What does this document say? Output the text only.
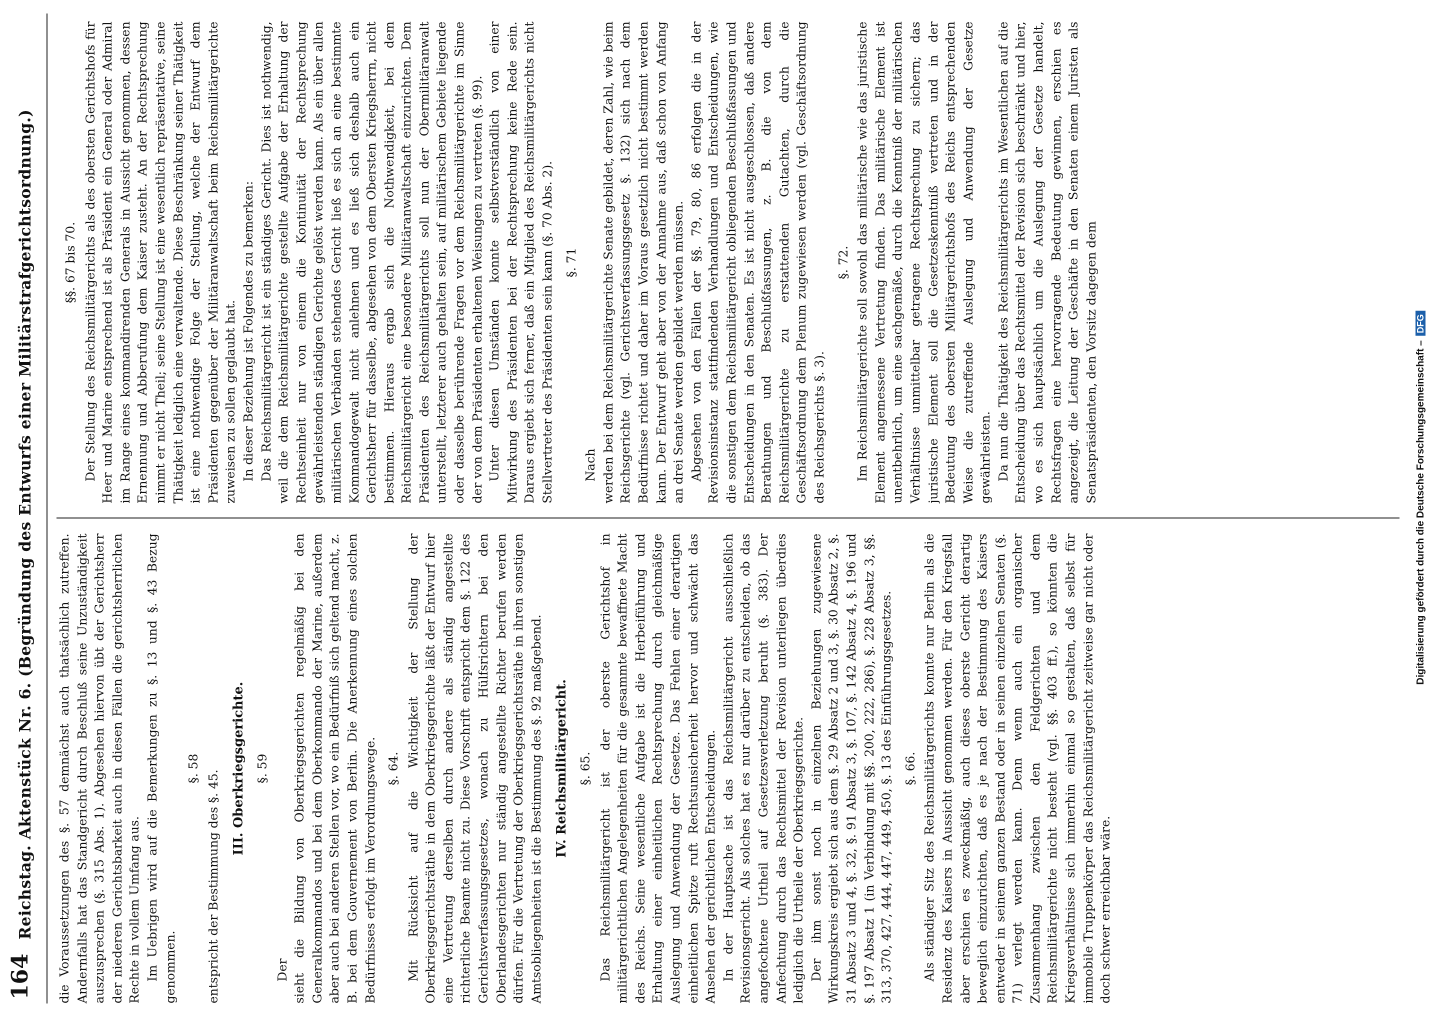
164
Reichstag. Aktenstück Nr. 6. (Begründung des Entwurfs einer Militärstrafgerichtsordnung.) die Voraussetzungen des §. 57 demnächst auch thatsächlich zutreffen. Andernfalls hat das Standgericht durch Beschluß seine Unzuständigkeit auszusprechen (§. 315 Abs. 1). Abgesehen hiervon übt der Gerichtsherr der niederen Gerichtsbarkeit auch in diesen Fällen die gerichtsherrlichen Rechte in vollem Umfang aus. Im Uebrigen wird auf die Bemerkungen zu §. 13 und §. 43 Bezug genommen.

§. 58

entspricht der Bestimmung des §. 45.

III. Oberkriegsgerichte. §. 59

Der sieht die Bildung von Oberkriegsgerichten regelmäßig bei den Generalkommandos und bei dem Oberkommando der Marine, außerdem aber auch bei anderen Stellen vor, wo ein Bedürfniß sich geltend macht, z. B. bei dem Gouvernement von Berlin. Die Anerkennung eines solchen Bedürfnisses erfolgt im Verordnungswege. §. 64. Mit Rücksicht auf die Wichtigkeit der Stellung der Oberkriegsgerichtsräthe in dem Oberkriegsgerichte läßt der Entwurf hier eine Vertretung derselben durch andere als ständig angestellte richterliche Beamte nicht zu. Diese Vorschrift entspricht dem §. 122 des Gerichtsverfassungsgesetzes, wonach zu Hülfsrichtern bei den Oberlandesgerichten nur ständig angestellte Richter berufen werden dürfen. Für die Vertretung der Oberkriegsgerichtsräthe in ihren sonstigen Amtsobliegenheiten ist die Bestimmung des §. 92 maßgebend. IV. Reichsmilitärgericht. §. 65. Das Reichsmilitärgericht ist der oberste Gerichtshof in militärgerichtlichen Angelegenheiten für die gesammte bewaffnete Macht des Reichs. Seine wesentliche Aufgabe ist die Herbeiführung und Erhaltung einer einheitlichen Rechtsprechung durch gleichmäßige Auslegung und Anwendung der Gesetze. Das Fehlen einer derartigen einheitlichen Spitze ruft Rechtsunsicherheit hervor und schwächt das Ansehen der gerichtlichen Entscheidungen. In der Hauptsache ist das Reichsmilitärgericht ausschließlich Revisionsgericht. Als solches hat es nur darüber zu entscheiden, ob das angefochtene Urtheil auf Gesetzesverletzung beruht (§. 383). Der Anfechtung durch das Rechtsmittel der Revision unterliegen überdies lediglich die Urtheile der Oberkriegsgerichte. Der ihm sonst noch in einzelnen Beziehungen zugewiesene Wirkungskreis ergiebt sich aus dem §. 29 Absatz 2 und 3, §. 30 Absatz 2, §. 31 Absatz 3 und 4, §. 32, §. 91 Absatz 3, §. 107, §. 142 Absatz 4, §. 196 und §. 197 Absatz 1 (in Verbindung mit §§. 200, 222, 286), §. 228 Absatz 3, §§. 313, 370, 427, 444, 447, 449, 450, §. 13 des Einführungsgesetzes. §. 66. Als ständiger Sitz des Reichsmilitärgerichts konnte nur Berlin als die Residenz des Kaisers in Aussicht genommen werden. Für den Kriegsfall aber erschien es zweckmäßig, auch dieses oberste Gericht derartig beweglich einzurichten, daß es je nach der Bestimmung des Kaisers entweder in seinem ganzen Bestand oder in seinen einzelnen Senaten (§. 71) verlegt werden kann. Denn wenn auch ein organischer Zusammenhang zwischen den Feldgerichten und dem Reichsmilitärgerichte nicht besteht (vgl. §§. 403 ff.), so könnten die Kriegsverhältnisse sich immerhin einmal so gestalten, daß selbst für immobile Truppenkörper das Reichsmilitärgericht zeitweise gar nicht oder doch schwer erreichbar wäre.

§§. 67 bis 70. Der Stellung des Reichsmilitärgerichts als des obersten Gerichtshofs für Heer und Marine entsprechend ist als Präsident ein General oder Admiral im Range eines kommandirenden Generals in Aussicht genommen, dessen Ernennung und Abberufung dem Kaiser zusteht. An der Rechtsprechung nimmt er nicht Theil; seine Stellung ist eine wesentlich repräsentative, seine Thätigkeit lediglich eine verwaltende. Diese Beschränkung seiner Thätigkeit ist eine nothwendige Folge der Stellung, welche der Entwurf dem Präsidenten gegenüber der Militäranwaltschaft beim Reichsmilitärgerichte zuweisen zu sollen geglaubt hat. In dieser Beziehung ist Folgendes zu bemerken: Das Reichsmilitärgericht ist ein ständiges Gericht. Dies ist nothwendig, weil die dem Reichsmilitärgerichte gestellte Aufgabe der Erhaltung der Rechtseinheit nur von einem die Kontinuität der Rechtsprechung gewährleistenden ständigen Gerichte gelöst werden kann. Als ein über allen militärischen Verbänden stehendes Gericht ließ es sich an eine bestimmte Kommandogewalt nicht anlehnen und es ließ sich deshalb auch ein Gerichtsherr für dasselbe, abgesehen von dem Obersten Kriegsherrn, nicht bestimmen. Hieraus ergab sich die Nothwendigkeit, bei dem Reichsmilitärgericht eine besondere Militäranwaltschaft einzurichten. Dem Präsidenten des Reichsmilitärgerichts soll nun der Obermilitäranwalt unterstellt, letzterer auch gehalten sein, auf militärischem Gebiete liegende oder dasselbe berührende Fragen vor dem Reichsmilitärgerichte im Sinne der von dem Präsidenten erhaltenen Weisungen zu vertreten (§. 99). Unter diesen Umständen konnte selbstverständlich von einer Mitwirkung des Präsidenten bei der Rechtsprechung keine Rede sein. Daraus ergiebt sich ferner, daß ein Mitglied des Reichsmilitärgerichts nicht Stellvertreter des Präsidenten sein kann (§. 70 Abs. 2). §. 71

Nach werden bei dem Reichsmilitärgerichte Senate gebildet, deren Zahl, wie beim Reichsgerichte (vgl. Gerichtsverfassungsgesetz §. 132) sich nach dem Bedürfnisse richtet und daher im Voraus gesetzlich nicht bestimmt werden kann. Der Entwurf geht aber von der Annahme aus, daß schon von Anfang an drei Senate werden gebildet werden müssen. Abgesehen von den Fällen der §§. 79, 80, 86 erfolgen die in der Revisionsinstanz stattfindenden Verhandlungen und Entscheidungen, wie die sonstigen dem Reichsmilitärgericht obliegenden Beschlußfassungen und Entscheidungen in den Senaten. Es ist nicht ausgeschlossen, daß andere Berathungen und Beschlußfassungen, z. B. die von dem Reichsmilitärgerichte zu erstattenden Gutachten, durch die Geschäftsordnung dem Plenum zugewiesen werden (vgl. Geschäftsordnung des Reichsgerichts §. 3).

§. 72. Im Reichsmilitärgerichte soll sowohl das militärische wie das juristische Element angemessene Vertretung finden. Das militärische Element ist unentbehrlich, um eine sachgemäße, durch die Kenntniß der militärischen Verhältnisse unmittelbar getragene Rechtsprechung zu sichern; das juristische Element soll die Gesetzeskenntniß vertreten und in der Bedeutung des obersten Militärgerichtshofs des Reichs entsprechenden Weise die zutreffende Auslegung und Anwendung der Gesetze gewährleisten. Da nun die Thätigkeit des Reichsmilitärgerichts im Wesentlichen auf die Entscheidung über das Rechtsmittel der Revision sich beschränkt und hier, wo es sich hauptsächlich um die Auslegung der Gesetze handelt, Rechtsfragen eine hervorragende Bedeutung gewinnen, erschien es angezeigt, die Leitung der Geschäfte in den Senaten einem Juristen als Senatspräsidenten, den Vorsitz dagegen dem	Digitalisierung gefördert durch die Deutsche Forschungsgemeinschaft –DFG
